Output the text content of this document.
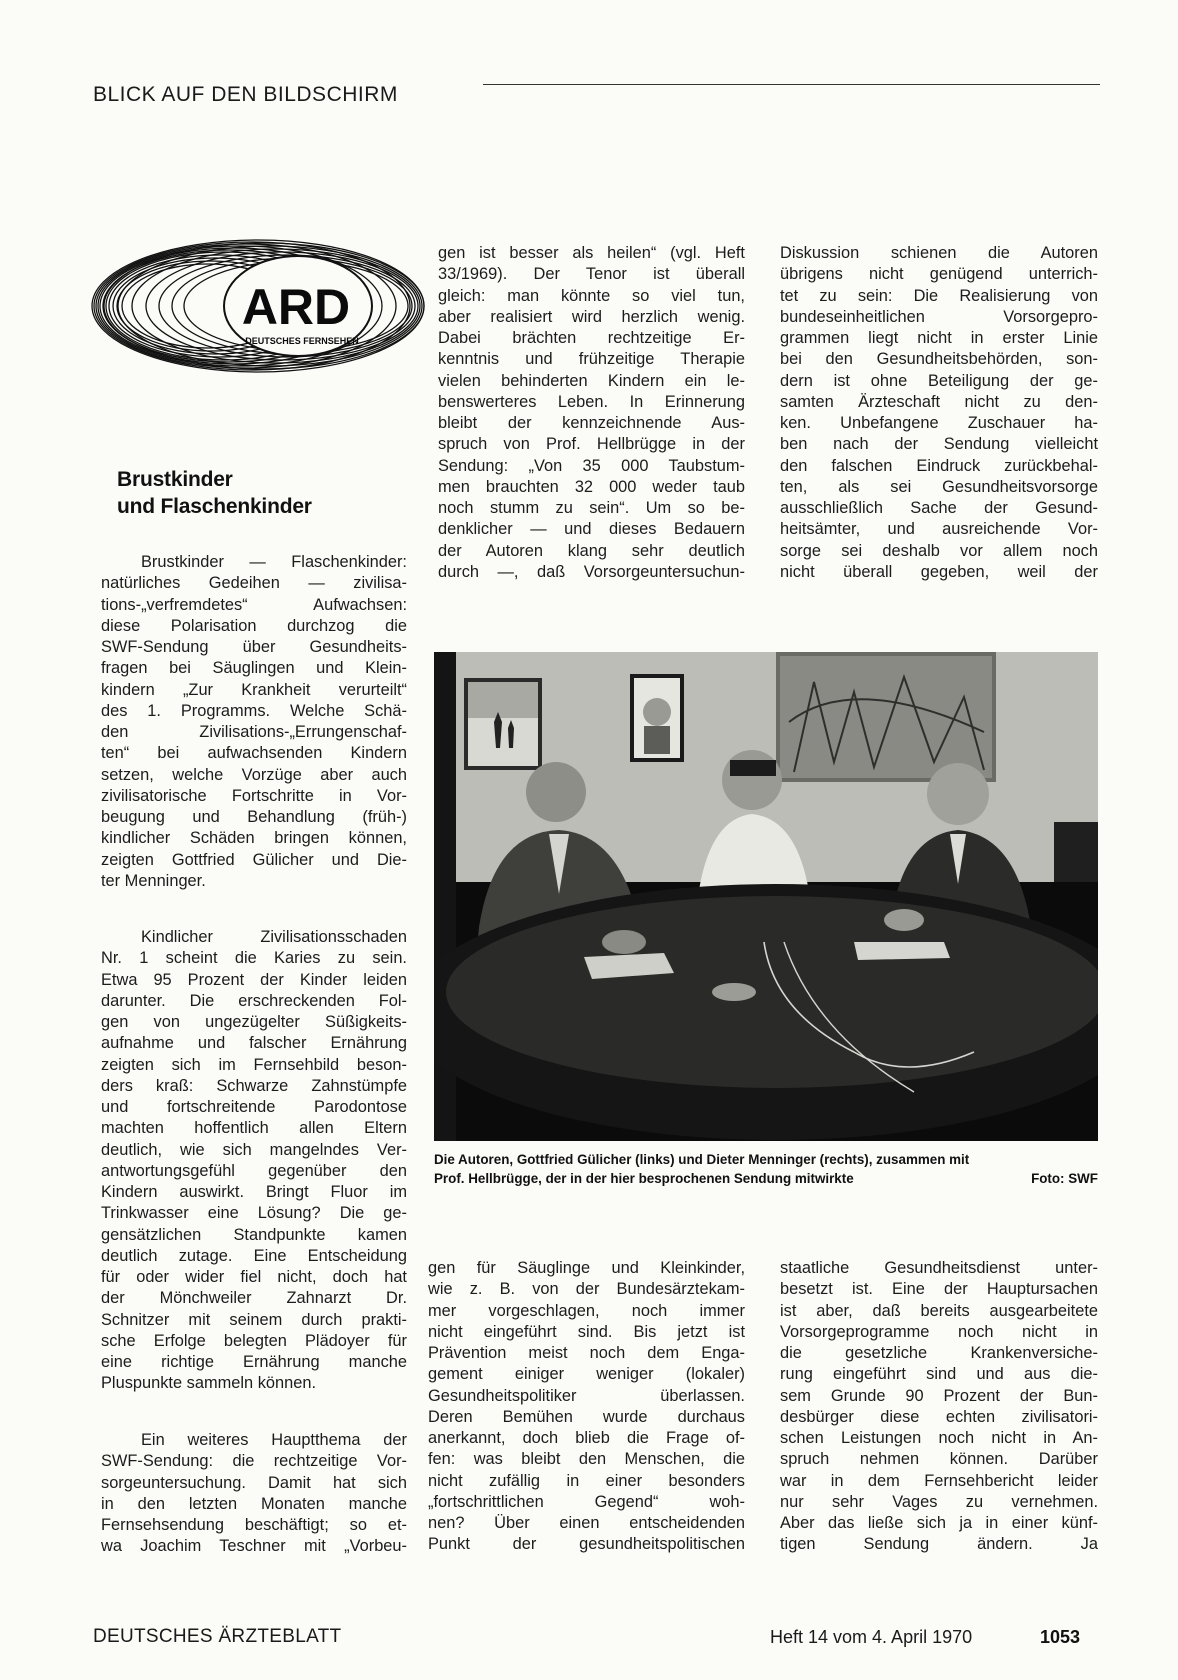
BLICK AUF DEN BILDSCHIRM
ARD
DEUTSCHES FERNSEHEN
Brustkinder
und Flaschenkinder

Brustkinder — Flaschenkinder:

natürliches Gedeihen — zivilisa-

tions-„verfremdetes“ Aufwachsen:

diese Polarisation durchzog die

SWF-Sendung über Gesundheits-

fragen bei Säuglingen und Klein-

kindern „Zur Krankheit verurteilt“

des 1. Programms. Welche Schä-

den Zivilisations-„Errungenschaf-

ten“ bei aufwachsenden Kindern

setzen, welche Vorzüge aber auch

zivilisatorische Fortschritte in Vor-

beugung und Behandlung (früh-)

kindlicher Schäden bringen können,

zeigten Gottfried Gülicher und Die-

ter Menninger.

Kindlicher Zivilisationsschaden

Nr. 1 scheint die Karies zu sein.

Etwa 95 Prozent der Kinder leiden

darunter. Die erschreckenden Fol-

gen von ungezügelter Süßigkeits-

aufnahme und falscher Ernährung

zeigten sich im Fernsehbild beson-

ders kraß: Schwarze Zahnstümpfe

und fortschreitende Parodontose

machten hoffentlich allen Eltern

deutlich, wie sich mangelndes Ver-

antwortungsgefühl gegenüber den

Kindern auswirkt. Bringt Fluor im

Trinkwasser eine Lösung? Die ge-

gensätzlichen Standpunkte kamen

deutlich zutage. Eine Entscheidung

für oder wider fiel nicht, doch hat

der Mönchweiler Zahnarzt Dr.

Schnitzer mit seinem durch prakti-

sche Erfolge belegten Plädoyer für

eine richtige Ernährung manche

Pluspunkte sammeln können.

Ein weiteres Hauptthema der

SWF-Sendung: die rechtzeitige Vor-

sorgeuntersuchung. Damit hat sich

in den letzten Monaten manche

Fernsehsendung beschäftigt; so et-

wa Joachim Teschner mit „Vorbeu-

gen ist besser als heilen“ (vgl. Heft

33/1969). Der Tenor ist überall

gleich: man könnte so viel tun,

aber realisiert wird herzlich wenig.

Dabei brächten rechtzeitige Er-

kenntnis und frühzeitige Therapie

vielen behinderten Kindern ein le-

benswerteres Leben. In Erinnerung

bleibt der kennzeichnende Aus-

spruch von Prof. Hellbrügge in der

Sendung: „Von 35 000 Taubstum-

men brauchten 32 000 weder taub

noch stumm zu sein“. Um so be-

denklicher — und dieses Bedauern

der Autoren klang sehr deutlich

durch —, daß Vorsorgeuntersuchun-

Diskussion schienen die Autoren

übrigens nicht genügend unterrich-

tet zu sein: Die Realisierung von

bundeseinheitlichen Vorsorgepro-

grammen liegt nicht in erster Linie

bei den Gesundheitsbehörden, son-

dern ist ohne Beteiligung der ge-

samten Ärzteschaft nicht zu den-

ken. Unbefangene Zuschauer ha-

ben nach der Sendung vielleicht

den falschen Eindruck zurückbehal-

ten, als sei Gesundheitsvorsorge

ausschließlich Sache der Gesund-

heitsämter, und ausreichende Vor-

sorge sei deshalb vor allem noch

nicht überall gegeben, weil der

Die Autoren, Gottfried Gülicher (links) und Dieter Menninger (rechts), zusammen mit
Prof. Hellbrügge, der in der hier besprochenen Sendung mitwirkte	Foto: SWF

gen für Säuglinge und Kleinkinder,

wie z. B. von der Bundesärztekam-

mer vorgeschlagen, noch immer

nicht eingeführt sind. Bis jetzt ist

Prävention meist noch dem Enga-

gement einiger weniger (lokaler)

Gesundheitspolitiker überlassen.

Deren Bemühen wurde durchaus

anerkannt, doch blieb die Frage of-

fen: was bleibt den Menschen, die

nicht zufällig in einer besonders

„fortschrittlichen Gegend“ woh-

nen? Über einen entscheidenden

Punkt der gesundheitspolitischen

staatliche Gesundheitsdienst unter-

besetzt ist. Eine der Hauptursachen

ist aber, daß bereits ausgearbeitete

Vorsorgeprogramme noch nicht in

die gesetzliche Krankenversiche-

rung eingeführt sind und aus die-

sem Grunde 90 Prozent der Bun-

desbürger diese echten zivilisatori-

schen Leistungen noch nicht in An-

spruch nehmen können. Darüber

war in dem Fernsehbericht leider

nur sehr Vages zu vernehmen.

Aber das ließe sich ja in einer künf-

tigen Sendung ändern. Ja

DEUTSCHES ÄRZTEBLATT	Heft 14 vom 4. April 1970	1053
